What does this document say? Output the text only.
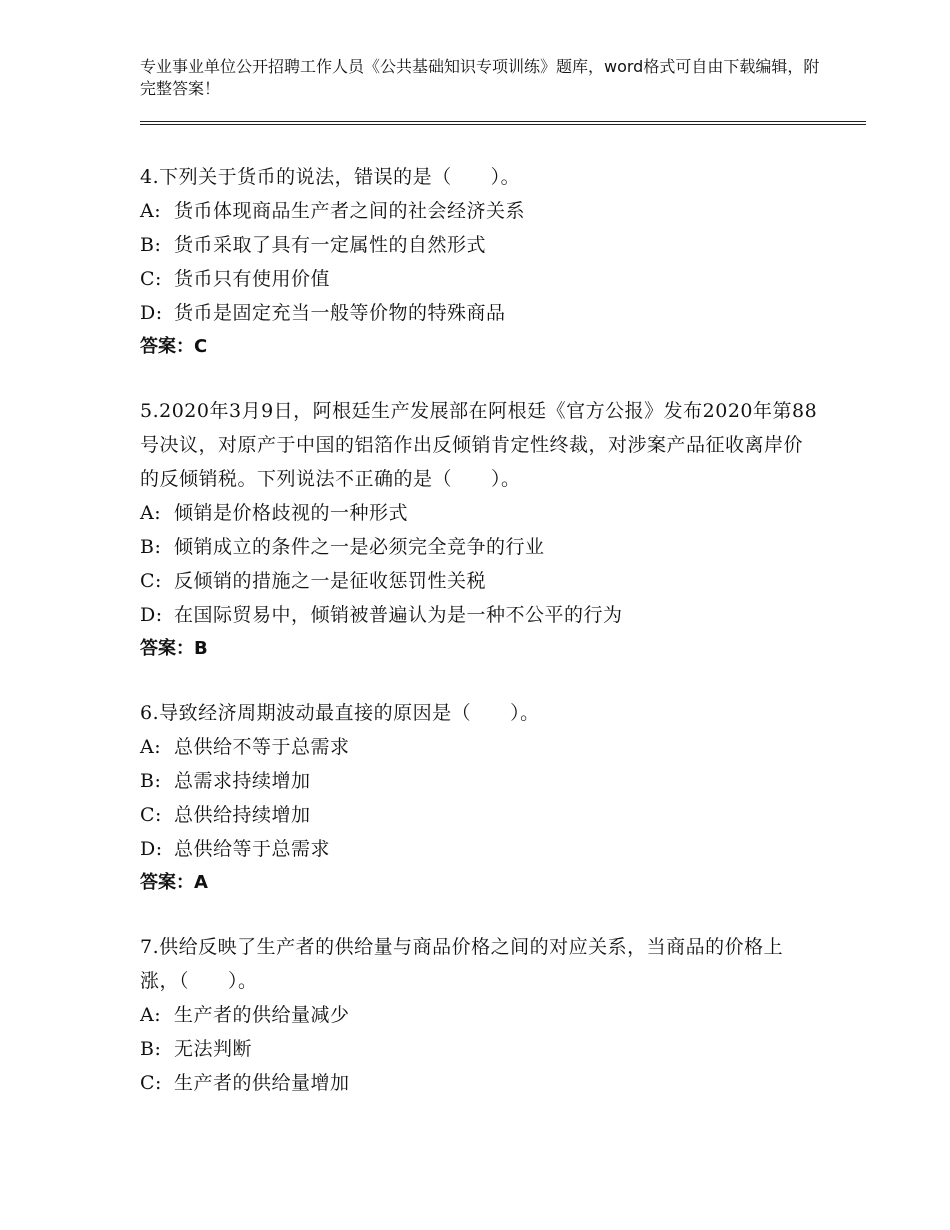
专业事业单位公开招聘工作人员《公共基础知识专项训练》题库，word格式可自由下载编辑，附完整答案！
4.下列关于货币的说法，错误的是（　　）。
A: 货币体现商品生产者之间的社会经济关系
B: 货币采取了具有一定属性的自然形式
C: 货币只有使用价值
D: 货币是固定充当一般等价物的特殊商品
答案：C
5.2020年3月9日，阿根廷生产发展部在阿根廷《官方公报》发布2020年第88号决议，对原产于中国的铝箔作出反倾销肯定性终裁，对涉案产品征收离岸价的反倾销税。下列说法不正确的是（　　）。
A: 倾销是价格歧视的一种形式
B: 倾销成立的条件之一是必须完全竞争的行业
C: 反倾销的措施之一是征收惩罚性关税
D: 在国际贸易中，倾销被普遍认为是一种不公平的行为
答案：B
6.导致经济周期波动最直接的原因是（　　）。
A: 总供给不等于总需求
B: 总需求持续增加
C: 总供给持续增加
D: 总供给等于总需求
答案：A
7.供给反映了生产者的供给量与商品价格之间的对应关系，当商品的价格上涨，（　　）。
A: 生产者的供给量减少
B: 无法判断
C: 生产者的供给量增加
